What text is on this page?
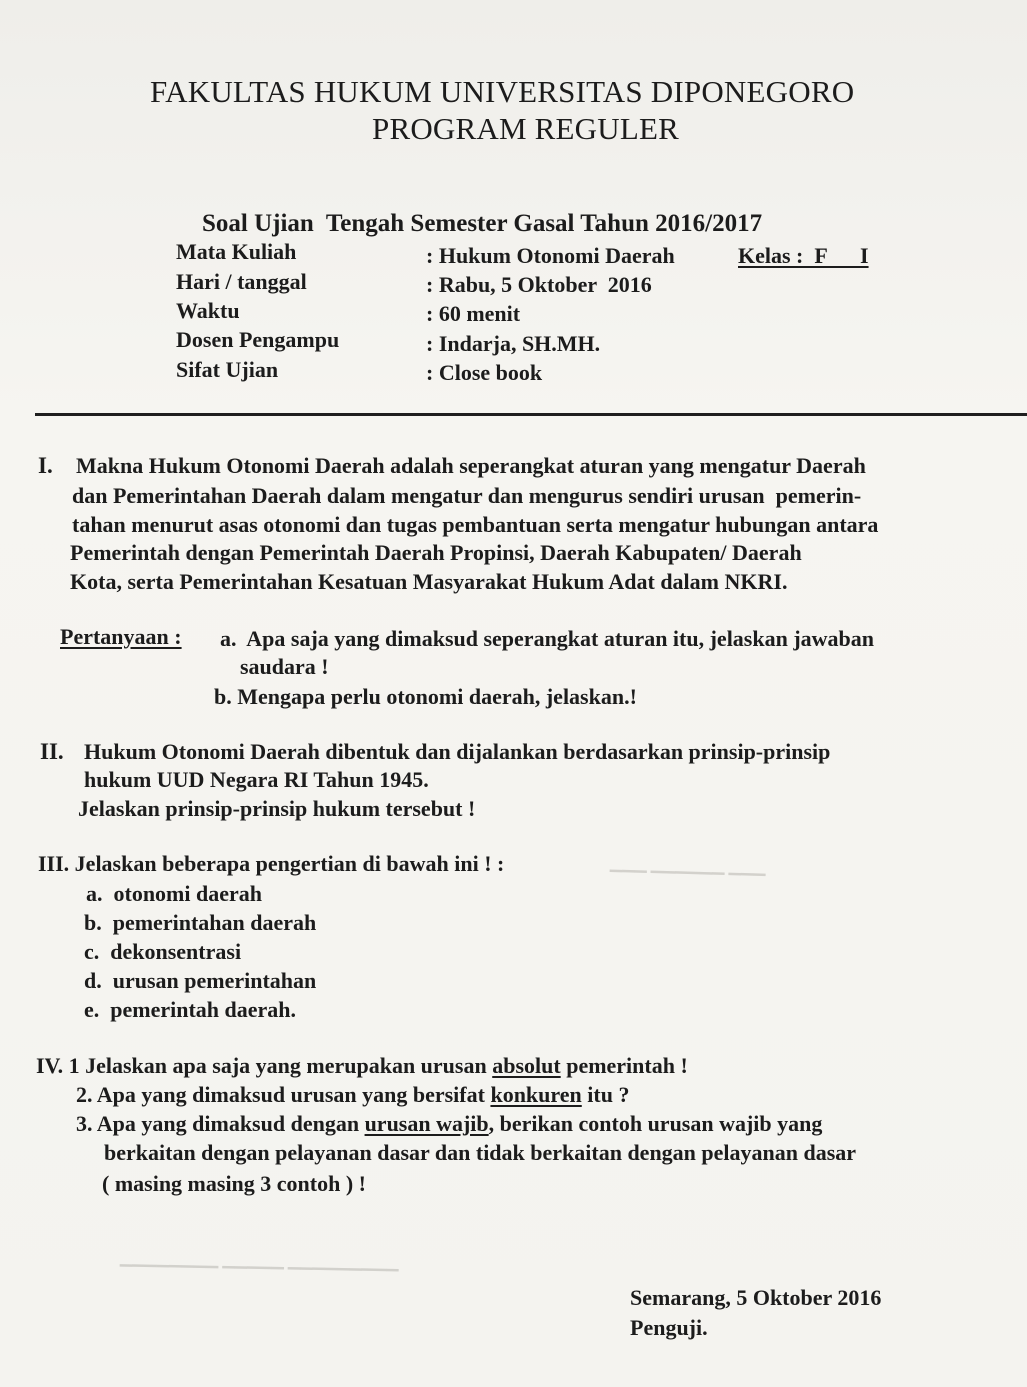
▁▁▁ ▁▁▁▁▁▁ ▁▁▁
▁▁▁▁▁▁▁▁ ▁▁▁▁▁ ▁▁▁▁▁▁▁▁▁
FAKULTAS HUKUM UNIVERSITAS DIPONEGORO
PROGRAM REGULER
Soal Ujian  Tengah Semester Gasal Tahun 2016/2017
Mata Kuliah	: Hukum Otonomi Daerah	Kelas :  F      I
Hari / tanggal	: Rabu, 5 Oktober  2016
Waktu	: 60 menit
Dosen Pengampu	: Indarja, SH.MH.
Sifat Ujian	: Close book
I. Makna Hukum Otonomi Daerah adalah seperangkat aturan yang mengatur Daerah
dan Pemerintahan Daerah dalam mengatur dan mengurus sendiri urusan  pemerin-
tahan menurut asas otonomi dan tugas pembantuan serta mengatur hubungan antara
Pemerintah dengan Pemerintah Daerah Propinsi, Daerah Kabupaten/ Daerah
Kota, serta Pemerintahan Kesatuan Masyarakat Hukum Adat dalam NKRI.
Pertanyaan : a.  Apa saja yang dimaksud seperangkat aturan itu, jelaskan jawaban
saudara !
b. Mengapa perlu otonomi daerah, jelaskan.!
II. Hukum Otonomi Daerah dibentuk dan dijalankan berdasarkan prinsip-prinsip
hukum UUD Negara RI Tahun 1945.
Jelaskan prinsip-prinsip hukum tersebut !
III. Jelaskan beberapa pengertian di bawah ini ! :
a.  otonomi daerah
b.  pemerintahan daerah
c.  dekonsentrasi
d.  urusan pemerintahan
e.  pemerintah daerah.
IV. 1 Jelaskan apa saja yang merupakan urusan absolut pemerintah !
2. Apa yang dimaksud urusan yang bersifat konkuren itu ?
3. Apa yang dimaksud dengan urusan wajib, berikan contoh urusan wajib yang
berkaitan dengan pelayanan dasar dan tidak berkaitan dengan pelayanan dasar
( masing masing 3 contoh ) !
Semarang, 5 Oktober 2016
Penguji.
